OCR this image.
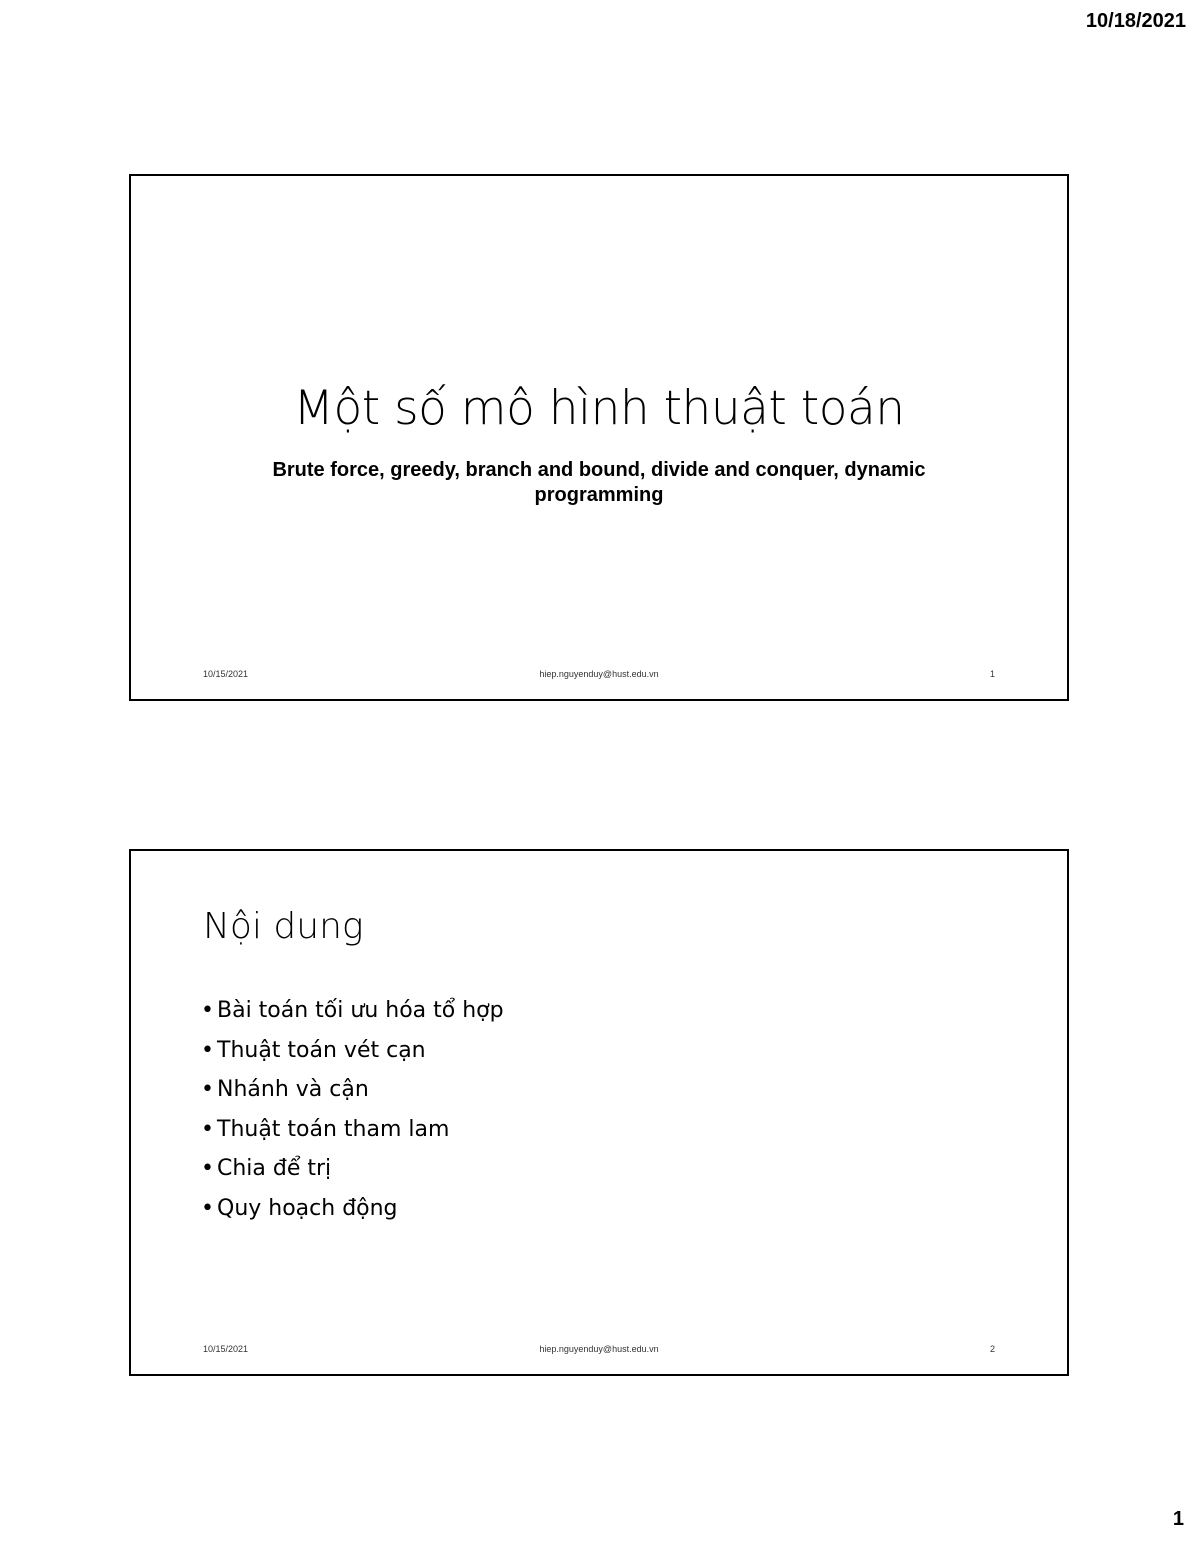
10/18/2021
Một số mô hình thuật toán
Brute force, greedy, branch and bound, divide and conquer, dynamic programming
10/15/2021	hiep.nguyenduy@hust.edu.vn	1
Nội dung
• Bài toán tối ưu hóa tổ hợp
• Thuật toán vét cạn
• Nhánh và cận
• Thuật toán tham lam
• Chia để trị
• Quy hoạch động
10/15/2021	hiep.nguyenduy@hust.edu.vn	2
1
